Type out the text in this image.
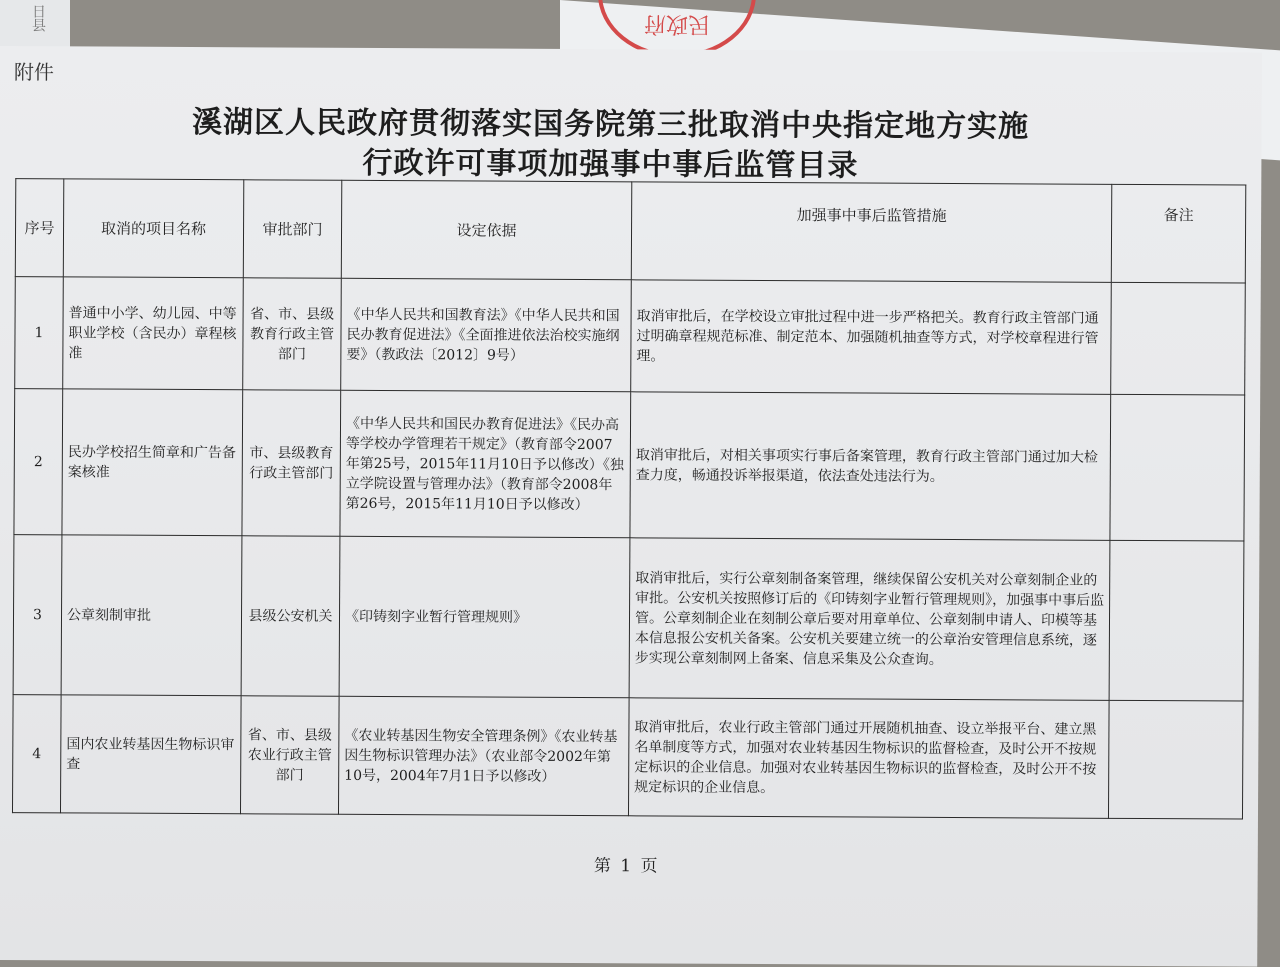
民政府
日县
附件
溪湖区人民政府贯彻落实国务院第三批取消中央指定地方实施
行政许可事项加强事中事后监管目录
序号	取消的项目名称	审批部门	设定依据	加强事中事后监管措施	备注
1	普通中小学、幼儿园、中等职业学校（含民办）章程核准	省、市、县级教育行政主管部门	《中华人民共和国教育法》《中华人民共和国民办教育促进法》《全面推进依法治校实施纲要》（教政法〔2012〕9号）	取消审批后，在学校设立审批过程中进一步严格把关。教育行政主管部门通过明确章程规范标准、制定范本、加强随机抽查等方式，对学校章程进行管理。	
2	民办学校招生简章和广告备案核准	市、县级教育行政主管部门	《中华人民共和国民办教育促进法》《民办高等学校办学管理若干规定》（教育部令2007年第25号，2015年11月10日予以修改）《独立学院设置与管理办法》（教育部令2008年第26号，2015年11月10日予以修改）	取消审批后，对相关事项实行事后备案管理，教育行政主管部门通过加大检查力度，畅通投诉举报渠道，依法查处违法行为。	
3	公章刻制审批	县级公安机关	《印铸刻字业暂行管理规则》	取消审批后，实行公章刻制备案管理，继续保留公安机关对公章刻制企业的审批。公安机关按照修订后的《印铸刻字业暂行管理规则》，加强事中事后监管。公章刻制企业在刻制公章后要对用章单位、公章刻制申请人、印模等基本信息报公安机关备案。公安机关要建立统一的公章治安管理信息系统，逐步实现公章刻制网上备案、信息采集及公众查询。	
4	国内农业转基因生物标识审查	省、市、县级农业行政主管部门	《农业转基因生物安全管理条例》《农业转基因生物标识管理办法》（农业部令2002年第10号，2004年7月1日予以修改）	取消审批后，农业行政主管部门通过开展随机抽查、设立举报平台、建立黑名单制度等方式，加强对农业转基因生物标识的监督检查，及时公开不按规定标识的企业信息。加强对农业转基因生物标识的监督检查，及时公开不按规定标识的企业信息。	
第 1 页
